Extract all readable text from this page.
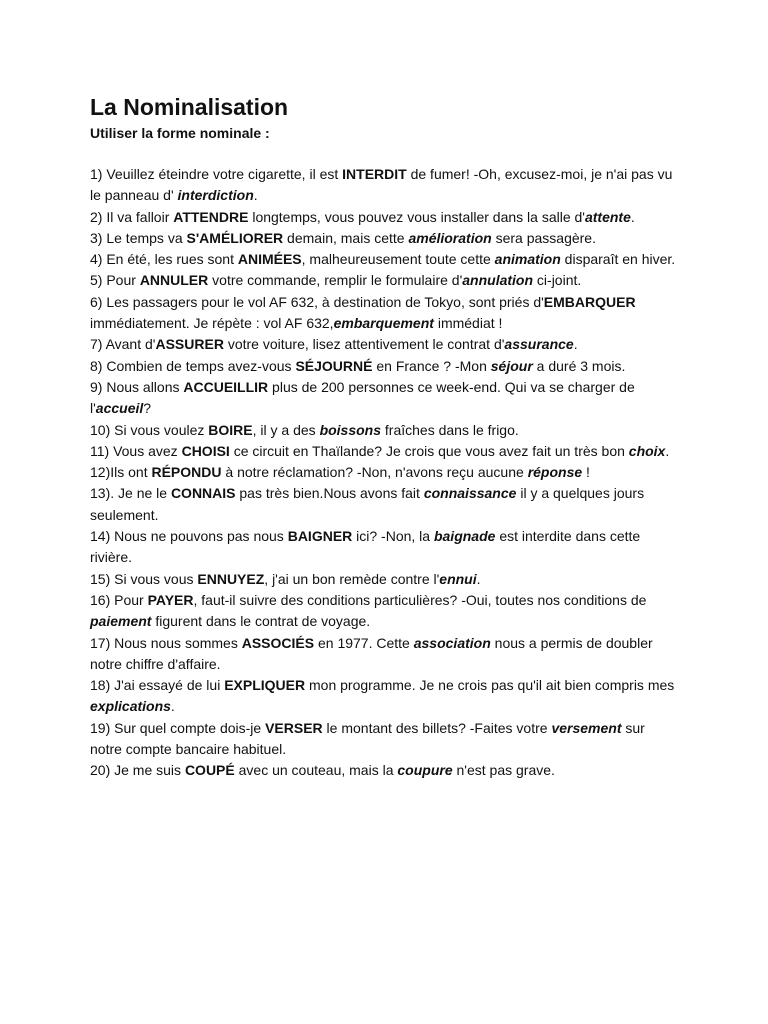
La Nominalisation

Utiliser la forme nominale :

1) Veuillez éteindre votre cigarette, il est INTERDIT de fumer! -Oh, excusez-moi, je n'ai pas vu le panneau d' interdiction.
2) Il va falloir ATTENDRE longtemps, vous pouvez vous installer dans la salle d'attente.
3) Le temps va S'AMÉLIORER demain, mais cette amélioration sera passagère.
4) En été, les rues sont ANIMÉES, malheureusement toute cette animation disparaît en hiver.
5) Pour ANNULER votre commande, remplir le formulaire d'annulation ci-joint.
6) Les passagers pour le vol AF 632, à destination de Tokyo, sont priés d'EMBARQUER immédiatement. Je répète : vol AF 632,embarquement immédiat !
7) Avant d'ASSURER votre voiture, lisez attentivement le contrat d'assurance.
8) Combien de temps avez-vous SÉJOURNÉ en France ? -Mon séjour a duré 3 mois.
9) Nous allons ACCUEILLIR plus de 200 personnes ce week-end. Qui va se charger de l'accueil?
10) Si vous voulez BOIRE, il y a des boissons fraîches dans le frigo.
11) Vous avez CHOISI ce circuit en Thaïlande? Je crois que vous avez fait un très bon choix.
12)Ils ont RÉPONDU à notre réclamation? -Non, n'avons reçu aucune réponse !
13). Je ne le CONNAIS pas très bien.Nous avons fait connaissance il y a quelques jours seulement.
14) Nous ne pouvons pas nous BAIGNER ici? -Non, la baignade est interdite dans cette rivière.
15) Si vous vous ENNUYEZ, j'ai un bon remède contre l'ennui.
16) Pour PAYER, faut-il suivre des conditions particulières? -Oui, toutes nos conditions de paiement figurent dans le contrat de voyage.
17) Nous nous sommes ASSOCIÉS en 1977. Cette association nous a permis de doubler notre chiffre d'affaire.
18) J'ai essayé de lui EXPLIQUER mon programme. Je ne crois pas qu'il ait bien compris mes explications.
19) Sur quel compte dois-je VERSER le montant des billets? -Faites votre versement sur notre compte bancaire habituel.
20) Je me suis COUPÉ avec un couteau, mais la coupure n'est pas grave.
